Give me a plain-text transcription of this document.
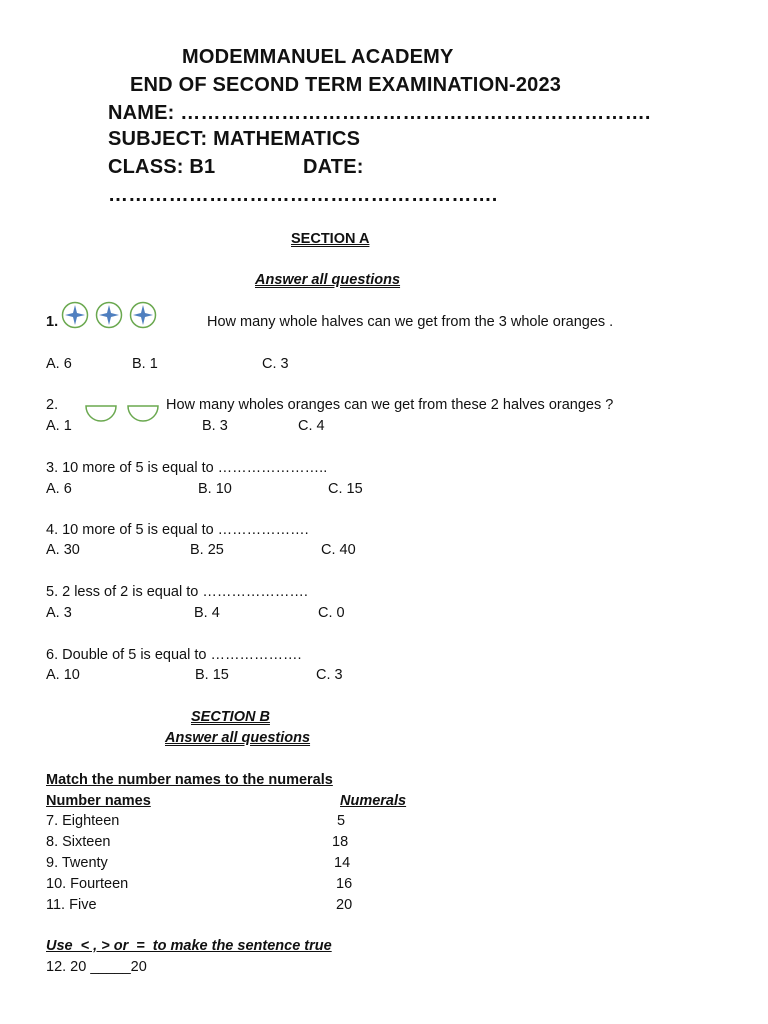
MODEMMANUEL ACADEMY
END OF SECOND TERM EXAMINATION-2023
NAME: …………………………………………………………….
SUBJECT: MATHEMATICS
CLASS: B1	DATE:
………………………………………………….
SECTION A
Answer all questions
1.	How many whole halves can we get from the 3 whole oranges .
A. 6	B. 1	C. 3
2.	How many wholes oranges can we get from these 2 halves oranges ?
A. 1	B. 3	C. 4
3. 10 more of 5 is equal to …………………..
A. 6	B. 10	C. 15
4. 10 more of 5 is equal to ……………….
A. 30	B. 25	C. 40
5. 2 less of 2 is equal to ………………….
A. 3	B. 4	C. 0
6. Double of 5 is equal to ……………….
A. 10	B. 15	C. 3
SECTION B
Answer all questions
Match the number names to the numerals
Number names	Numerals
7. Eighteen	5
8. Sixteen	18
9. Twenty	14
10. Fourteen	16
11. Five	20
Use  < , > or  =  to make the sentence true
12. 20 _____20
